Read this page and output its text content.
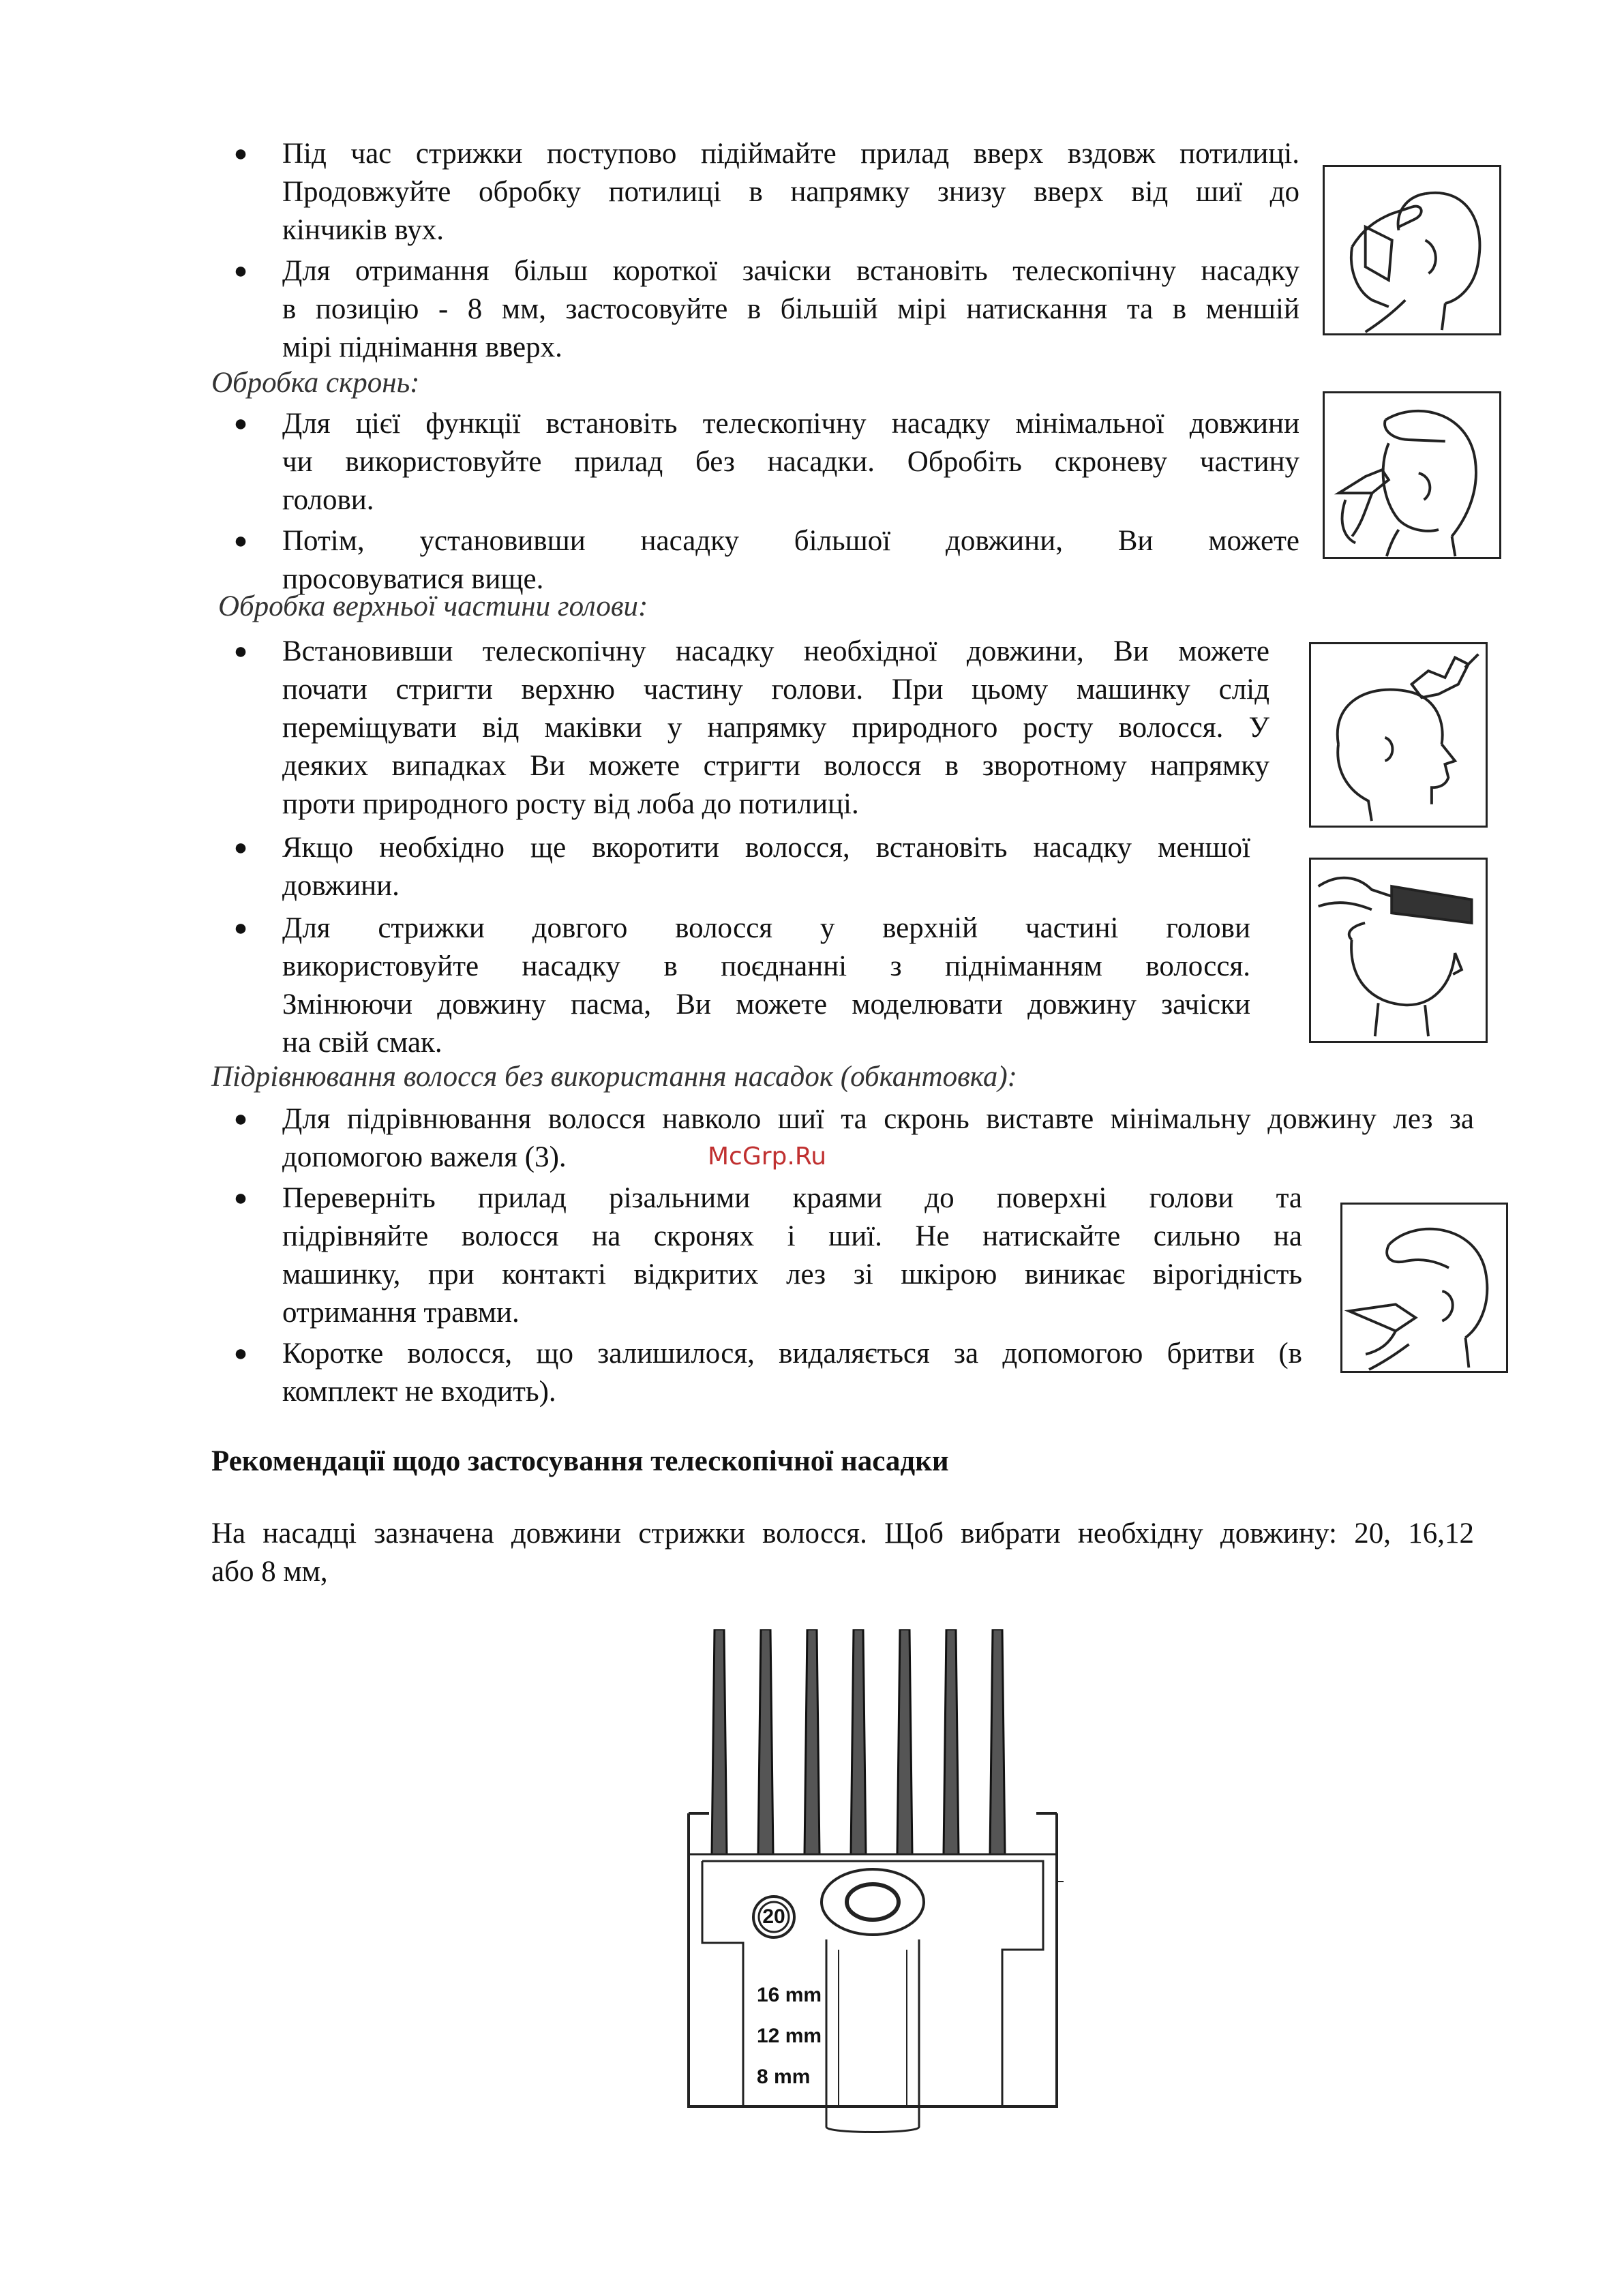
● Під час стрижки поступово підіймайте прилад вверх вздовж потилиці.
Продовжуйте обробку потилиці в напрямку знизу вверх від шиї до
кінчиків вух.
● Для отримання більш короткої зачіски встановіть телескопічну насадку
в позицію - 8 мм, застосовуйте в більшій мірі натискання та в меншій
мірі піднімання вверх.
Обробка скронь:
● Для цієї функції встановіть телескопічну насадку мінімальної довжини
чи використовуйте прилад без насадки. Обробіть скроневу частину
голови.
● Потім, установивши насадку більшої довжини, Ви можете
просовуватися вище.
Обробка верхньої частини голови:
● Встановивши телескопічну насадку необхідної довжини, Ви можете
почати стригти верхню частину голови. При цьому машинку слід
переміщувати від маківки у напрямку природного росту волосся. У
деяких випадках Ви можете стригти волосся в зворотному напрямку
проти природного росту від лоба до потилиці.
● Якщо необхідно ще вкоротити волосся, встановіть насадку меншої
довжини.
● Для стрижки довгого волосся у верхній частині голови
використовуйте насадку в поєднанні з підніманням волосся.
Змінюючи довжину пасма, Ви можете моделювати довжину зачіски
на свій смак.
Підрівнювання волосся без використання насадок (обкантовка):
● Для підрівнювання волосся навколо шиї та скронь виставте мінімальну довжину лез за
допомогою важеля (3).	McGrp.Ru
● Переверніть прилад різальними краями до поверхні голови та
підрівняйте волосся на скронях і шиї. Не натискайте сильно на
машинку, при контакті відкритих лез зі шкірою виникає вірогідність
отримання травми.
● Коротке волосся, що залишилося, видаляється за допомогою бритви (в
комплект не входить).
Рекомендації щодо застосування телескопічної насадки
На насадці зазначена довжини стрижки волосся. Щоб вибрати необхідну довжину: 20, 16,12
або 8 мм,
20
16 mm
12 mm
8 mm
